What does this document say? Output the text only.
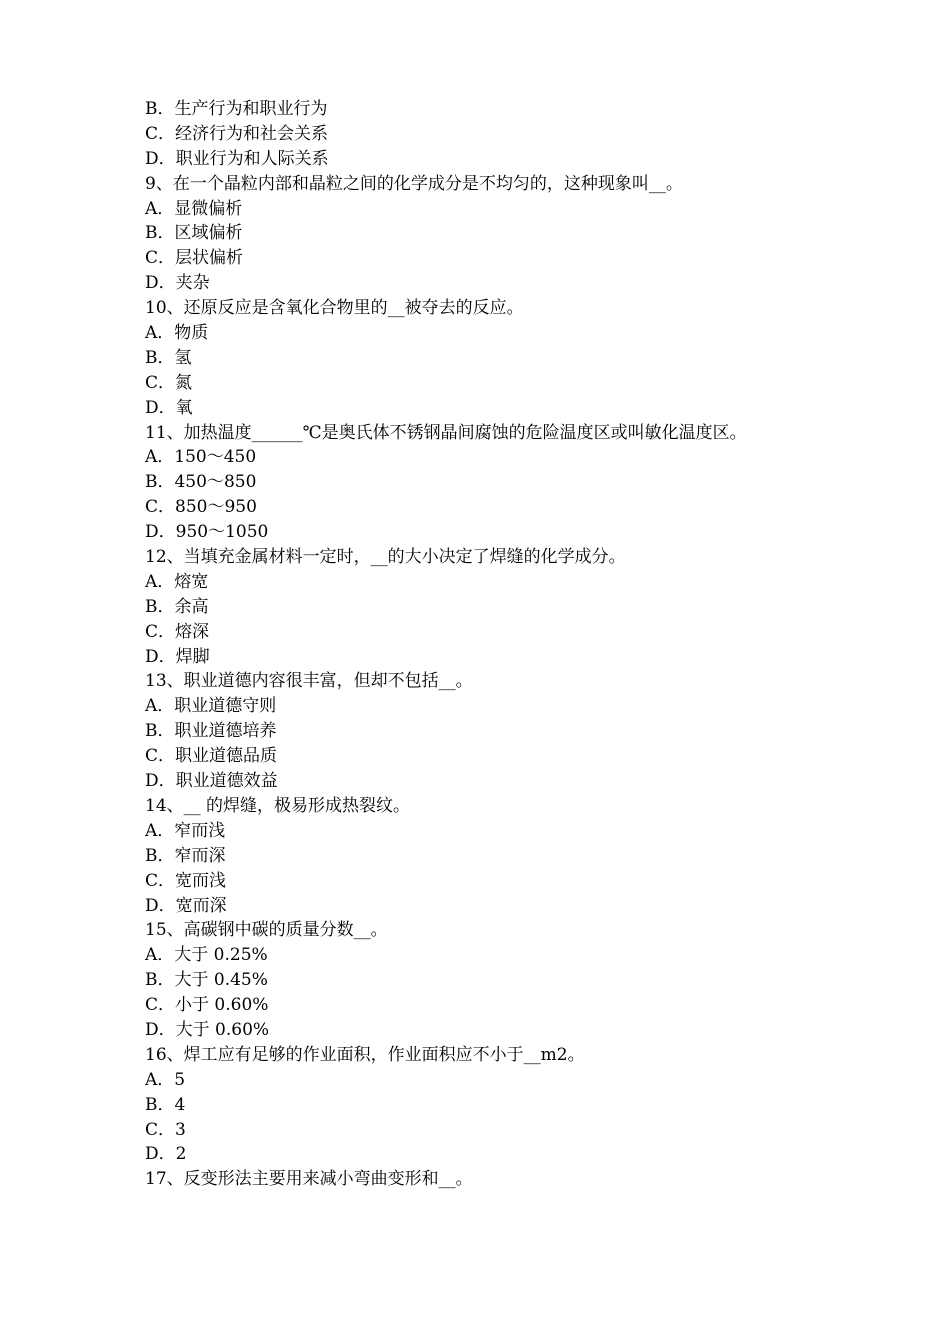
B．生产行为和职业行为
C．经济行为和社会关系
D．职业行为和人际关系
9、在一个晶粒内部和晶粒之间的化学成分是不均匀的，这种现象叫__。
A．显微偏析
B．区域偏析
C．层状偏析
D．夹杂
10、还原反应是含氧化合物里的__被夺去的反应。
A．物质
B．氢
C．氮
D．氧
11、加热温度______℃是奥氏体不锈钢晶间腐蚀的危险温度区或叫敏化温度区。
A．150～450
B．450～850
C．850～950
D．950～1050
12、当填充金属材料一定时，__的大小决定了焊缝的化学成分。
A．熔宽
B．余高
C．熔深
D．焊脚
13、职业道德内容很丰富，但却不包括__。
A．职业道德守则
B．职业道德培养
C．职业道德品质
D．职业道德效益
14、__ 的焊缝，极易形成热裂纹。
A．窄而浅
B．窄而深
C．宽而浅
D．宽而深
15、高碳钢中碳的质量分数__。
A．大于 0.25%
B．大于 0.45%
C．小于 0.60%
D．大于 0.60%
16、焊工应有足够的作业面积，作业面积应不小于__m2。
A．5
B．4
C．3
D．2
17、反变形法主要用来减小弯曲变形和__。
